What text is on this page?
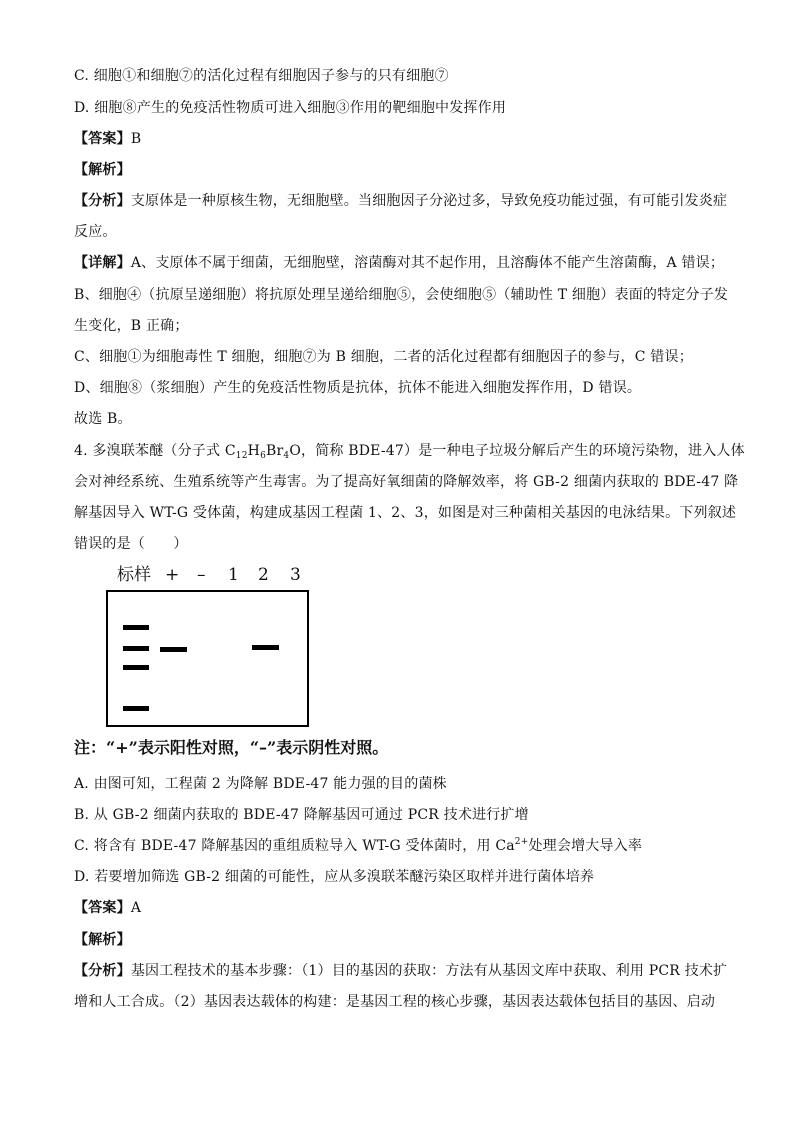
C. 细胞①和细胞⑦的活化过程有细胞因子参与的只有细胞⑦
D. 细胞⑧产生的免疫活性物质可进入细胞③作用的靶细胞中发挥作用
【答案】B
【解析】
【分析】支原体是一种原核生物，无细胞壁。当细胞因子分泌过多，导致免疫功能过强，有可能引发炎症
反应。
【详解】A、支原体不属于细菌，无细胞壁，溶菌酶对其不起作用，且溶酶体不能产生溶菌酶，A 错误；
B、细胞④（抗原呈递细胞）将抗原处理呈递给细胞⑤，会使细胞⑤（辅助性 T 细胞）表面的特定分子发
生变化，B 正确；
C、细胞①为细胞毒性 T 细胞，细胞⑦为 B 细胞，二者的活化过程都有细胞因子的参与，C 错误；
D、细胞⑧（浆细胞）产生的免疫活性物质是抗体，抗体不能进入细胞发挥作用，D 错误。
故选 B。
4. 多溴联苯醚（分子式 $C_{12}H_6Br_4O$，简称 BDE-47）是一种电子垃圾分解后产生的环境污染物，进入人体
会对神经系统、生殖系统等产生毒害。为了提高好氧细菌的降解效率，将 GB-2 细菌内获取的 BDE-47 降
解基因导入 WT-G 受体菌，构建成基因工程菌 1、2、3，如图是对三种菌相关基因的电泳结果。下列叙述
错误的是（　　）
标样 + – 1 2 3
注：“+”表示阳性对照，“–”表示阴性对照。
A. 由图可知，工程菌 2 为降解 BDE-47 能力强的目的菌株
B. 从 GB-2 细菌内获取的 BDE-47 降解基因可通过 PCR 技术进行扩增
C. 将含有 BDE-47 降解基因的重组质粒导入 WT-G 受体菌时，用 $Ca^{2+}$处理会增大导入率
D. 若要增加筛选 GB-2 细菌的可能性，应从多溴联苯醚污染区取样并进行菌体培养
【答案】A
【解析】
【分析】基因工程技术的基本步骤：（1）目的基因的获取：方法有从基因文库中获取、利用 PCR 技术扩
增和人工合成。（2）基因表达载体的构建：是基因工程的核心步骤，基因表达载体包括目的基因、启动
